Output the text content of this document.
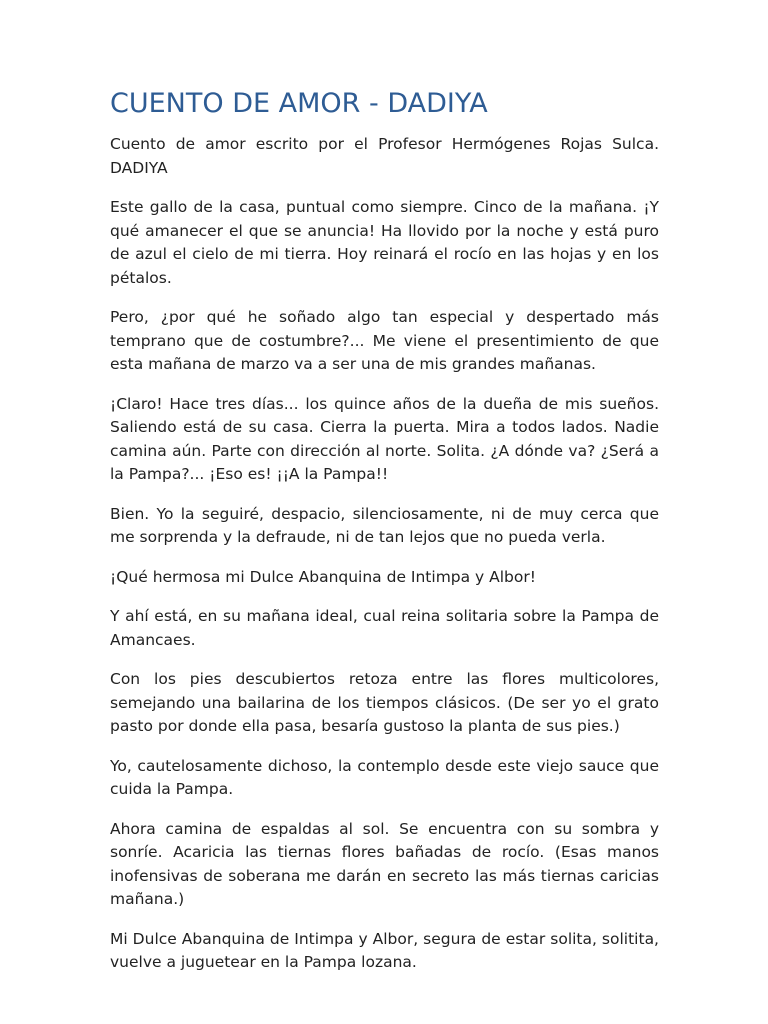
CUENTO DE AMOR - DADIYA

Cuento de amor escrito por el Profesor Hermógenes Rojas Sulca. DADIYA

Este gallo de la casa, puntual como siempre. Cinco de la mañana. ¡Y qué amanecer el que se anuncia! Ha llovido por la noche y está puro de azul el cielo de mi tierra. Hoy reinará el rocío en las hojas y en los pétalos.

Pero, ¿por qué he soñado algo tan especial y despertado más temprano que de costumbre?... Me viene el presentimiento de que esta mañana de marzo va a ser una de mis grandes mañanas.

¡Claro! Hace tres días... los quince años de la dueña de mis sueños. Saliendo está de su casa. Cierra la puerta. Mira a todos lados. Nadie camina aún. Parte con dirección al norte. Solita. ¿A dónde va? ¿Será a la Pampa?... ¡Eso es! ¡¡A la Pampa!!

Bien. Yo la seguiré, despacio, silenciosamente, ni de muy cerca que me sorprenda y la defraude, ni de tan lejos que no pueda verla.

¡Qué hermosa mi Dulce Abanquina de Intimpa y Albor!

Y ahí está, en su mañana ideal, cual reina solitaria sobre la Pampa de Amancaes.

Con los pies descubiertos retoza entre las flores multicolores, semejando una bailarina de los tiempos clásicos. (De ser yo el grato pasto por donde ella pasa, besaría gustoso la planta de sus pies.)

Yo, cautelosamente dichoso, la contemplo desde este viejo sauce que cuida la Pampa.

Ahora camina de espaldas al sol. Se encuentra con su sombra y sonríe. Acaricia las tiernas flores bañadas de rocío. (Esas manos inofensivas de soberana me darán en secreto las más tiernas caricias mañana.)

Mi Dulce Abanquina de Intimpa y Albor, segura de estar solita, solitita, vuelve a juguetear en la Pampa lozana.
